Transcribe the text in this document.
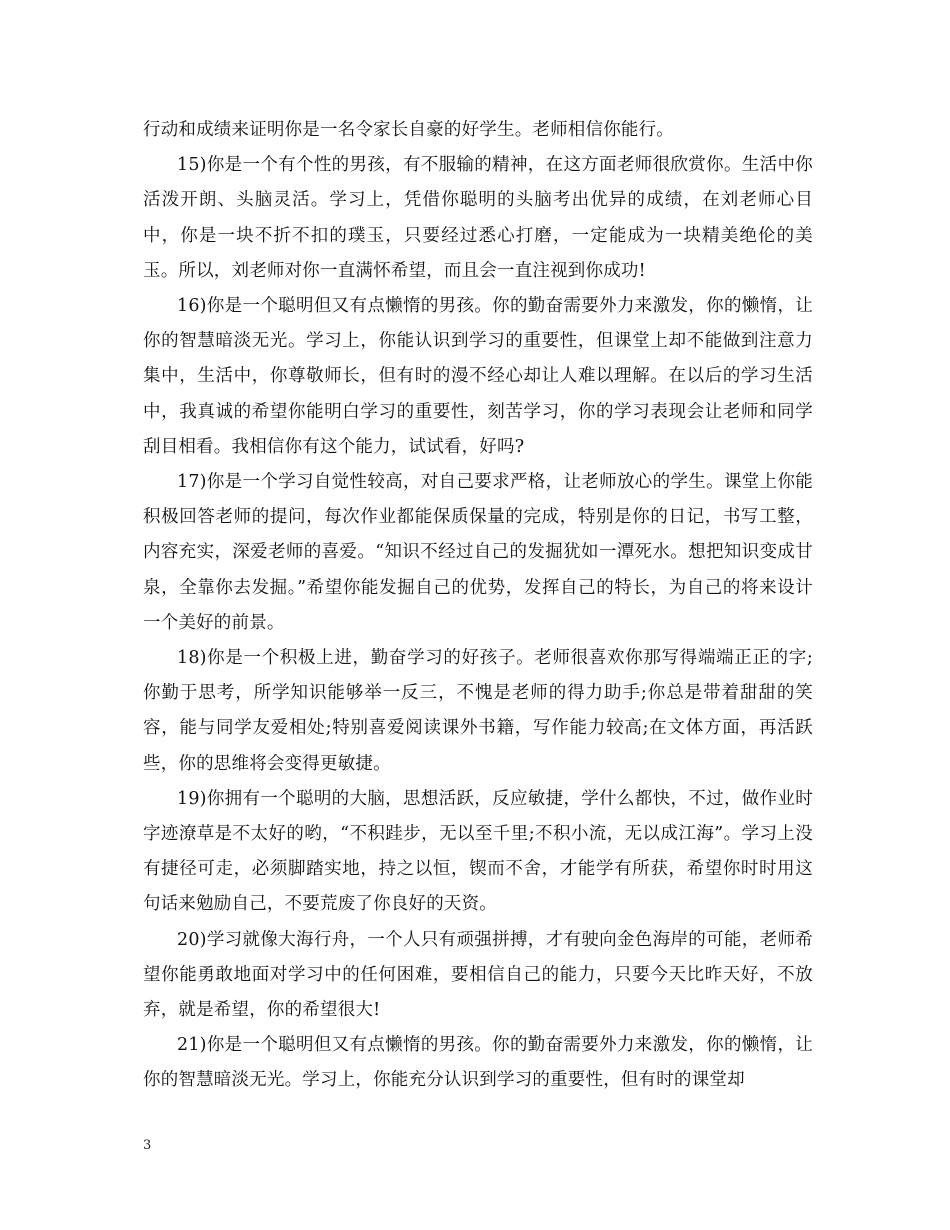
行动和成绩来证明你是一名令家长自豪的好学生。老师相信你能行。

15)你是一个有个性的男孩，有不服输的精神，在这方面老师很欣赏你。生活中你活泼开朗、头脑灵活。学习上，凭借你聪明的头脑考出优异的成绩，在刘老师心目中，你是一块不折不扣的璞玉，只要经过悉心打磨，一定能成为一块精美绝伦的美玉。所以，刘老师对你一直满怀希望，而且会一直注视到你成功!

16)你是一个聪明但又有点懒惰的男孩。你的勤奋需要外力来激发，你的懒惰，让你的智慧暗淡无光。学习上，你能认识到学习的重要性，但课堂上却不能做到注意力集中，生活中，你尊敬师长，但有时的漫不经心却让人难以理解。在以后的学习生活中，我真诚的希望你能明白学习的重要性，刻苦学习，你的学习表现会让老师和同学刮目相看。我相信你有这个能力，试试看，好吗?

17)你是一个学习自觉性较高，对自己要求严格，让老师放心的学生。课堂上你能积极回答老师的提问，每次作业都能保质保量的完成，特别是你的日记，书写工整，内容充实，深爱老师的喜爱。“知识不经过自己的发掘犹如一潭死水。想把知识变成甘泉，全靠你去发掘。”希望你能发掘自己的优势，发挥自己的特长，为自己的将来设计一个美好的前景。

18)你是一个积极上进，勤奋学习的好孩子。老师很喜欢你那写得端端正正的字;你勤于思考，所学知识能够举一反三，不愧是老师的得力助手;你总是带着甜甜的笑容，能与同学友爱相处;特别喜爱阅读课外书籍，写作能力较高;在文体方面，再活跃些，你的思维将会变得更敏捷。

19)你拥有一个聪明的大脑，思想活跃，反应敏捷，学什么都快，不过，做作业时字迹潦草是不太好的哟，“不积跬步，无以至千里;不积小流，无以成江海”。学习上没有捷径可走，必须脚踏实地，持之以恒，锲而不舍，才能学有所获，希望你时时用这句话来勉励自己，不要荒废了你良好的天资。

20)学习就像大海行舟，一个人只有顽强拼搏，才有驶向金色海岸的可能，老师希望你能勇敢地面对学习中的任何困难，要相信自己的能力，只要今天比昨天好，不放弃，就是希望，你的希望很大!

21)你是一个聪明但又有点懒惰的男孩。你的勤奋需要外力来激发，你的懒惰，让你的智慧暗淡无光。学习上，你能充分认识到学习的重要性，但有时的课堂却

3
